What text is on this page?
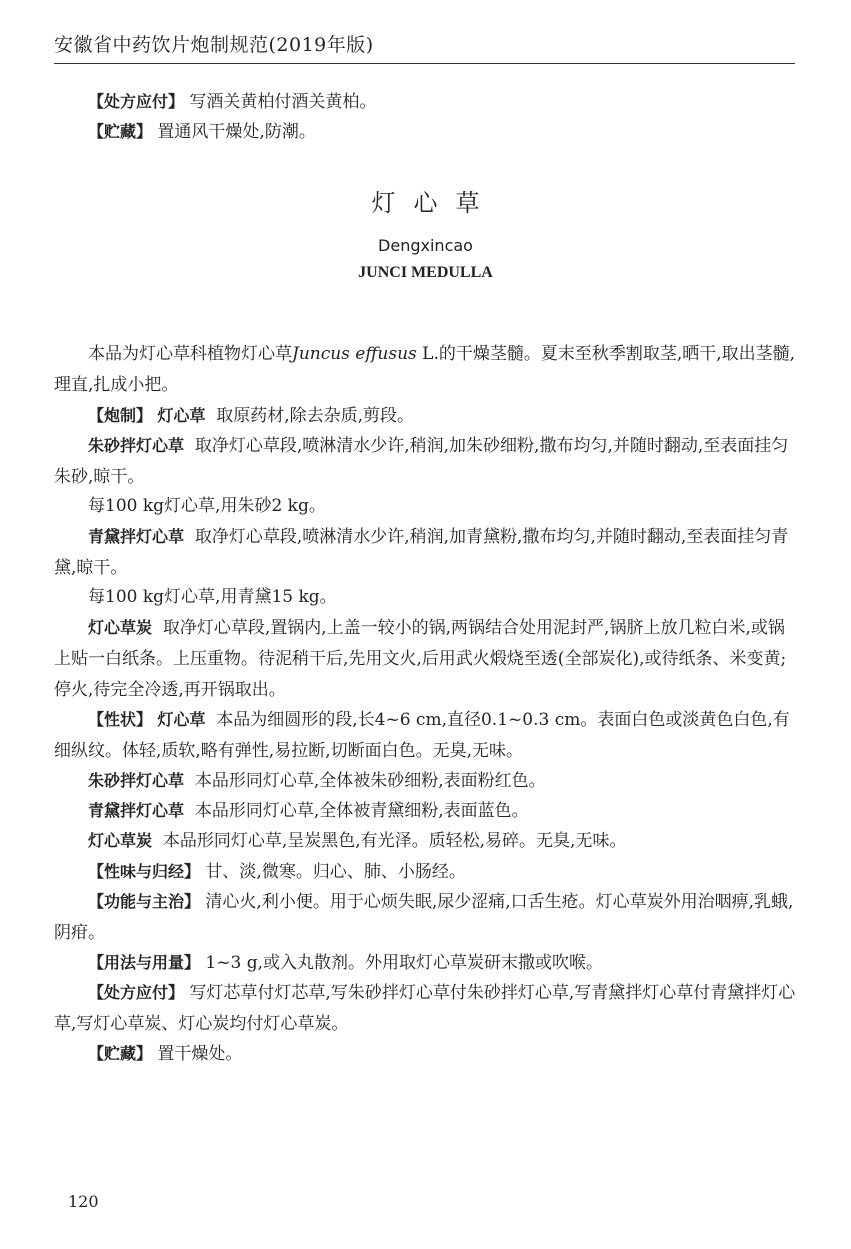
安徽省中药饮片炮制规范(2019年版)

【处方应付】 写酒关黄柏付酒关黄柏。

【贮藏】 置通风干燥处,防潮。

灯心草
Dengxincao
JUNCI MEDULLA

本品为灯心草科植物灯心草Juncus effusus L.的干燥茎髓。夏末至秋季割取茎,晒干,取出茎髓,理直,扎成小把。

【炮制】 灯心草 取原药材,除去杂质,剪段。

朱砂拌灯心草 取净灯心草段,喷淋清水少许,稍润,加朱砂细粉,撒布均匀,并随时翻动,至表面挂匀朱砂,晾干。

每100 kg灯心草,用朱砂2 kg。

青黛拌灯心草 取净灯心草段,喷淋清水少许,稍润,加青黛粉,撒布均匀,并随时翻动,至表面挂匀青黛,晾干。

每100 kg灯心草,用青黛15 kg。

灯心草炭 取净灯心草段,置锅内,上盖一较小的锅,两锅结合处用泥封严,锅脐上放几粒白米,或锅上贴一白纸条。上压重物。待泥稍干后,先用文火,后用武火煅烧至透(全部炭化),或待纸条、米变黄;停火,待完全冷透,再开锅取出。

【性状】 灯心草 本品为细圆形的段,长4~6 cm,直径0.1~0.3 cm。表面白色或淡黄色白色,有细纵纹。体轻,质软,略有弹性,易拉断,切断面白色。无臭,无味。

朱砂拌灯心草 本品形同灯心草,全体被朱砂细粉,表面粉红色。

青黛拌灯心草 本品形同灯心草,全体被青黛细粉,表面蓝色。

灯心草炭 本品形同灯心草,呈炭黑色,有光泽。质轻松,易碎。无臭,无味。

【性味与归经】 甘、淡,微寒。归心、肺、小肠经。

【功能与主治】 清心火,利小便。用于心烦失眠,尿少涩痛,口舌生疮。灯心草炭外用治咽痹,乳蛾,阴疳。

【用法与用量】 1~3 g,或入丸散剂。外用取灯心草炭研末撒或吹喉。

【处方应付】 写灯芯草付灯芯草,写朱砂拌灯心草付朱砂拌灯心草,写青黛拌灯心草付青黛拌灯心草,写灯心草炭、灯心炭均付灯心草炭。

【贮藏】 置干燥处。

120
